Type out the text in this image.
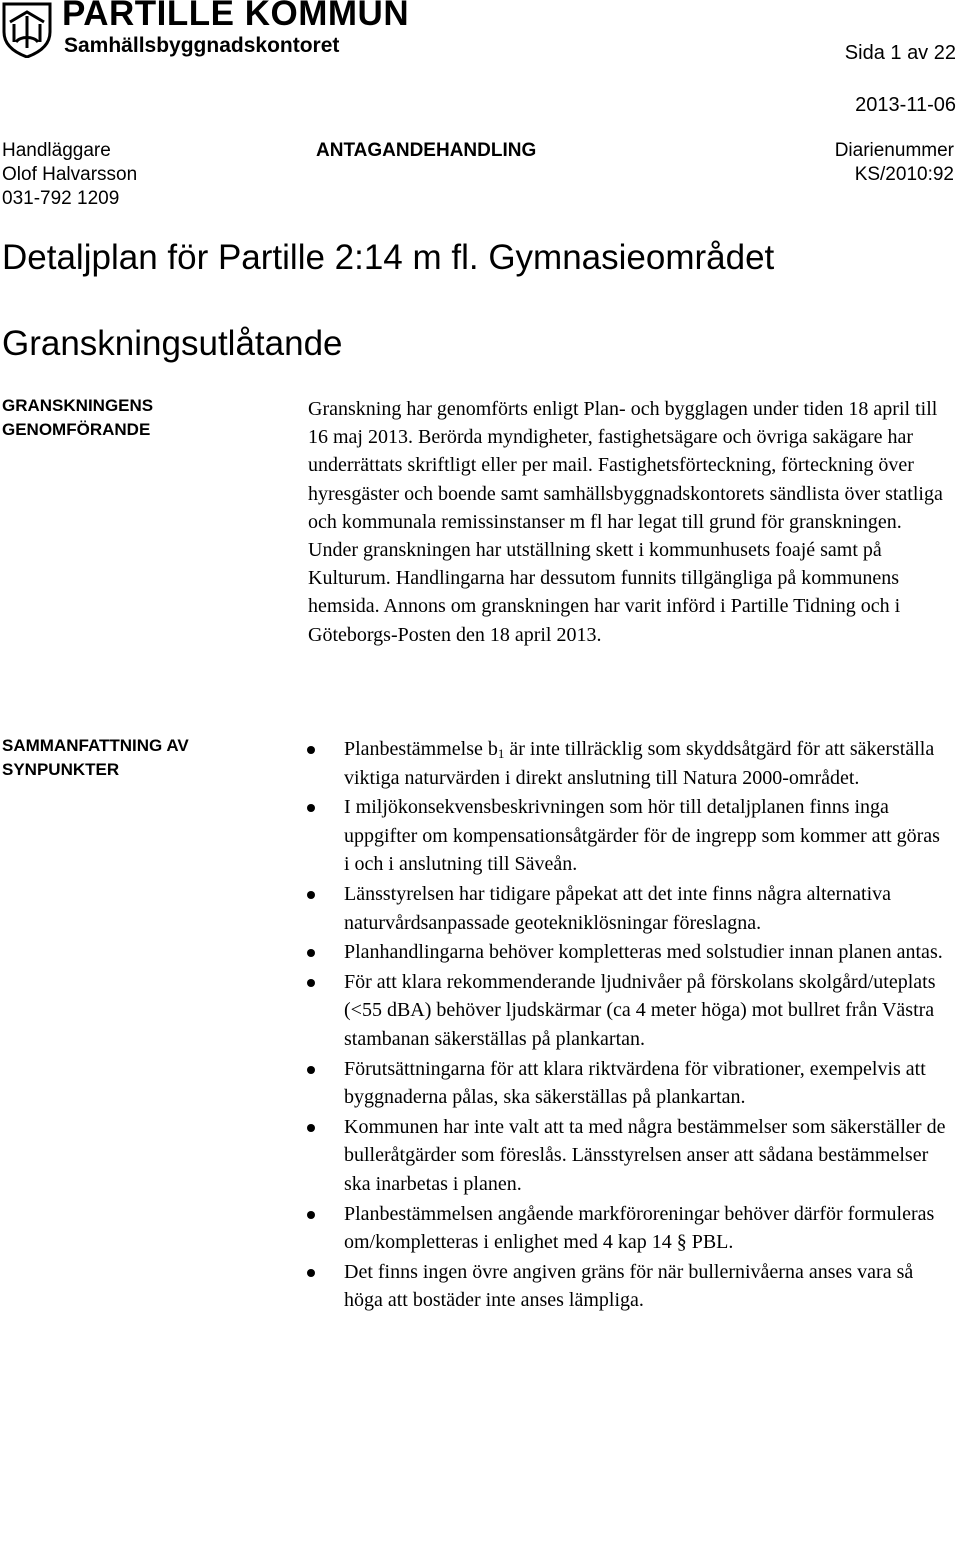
PARTILLE KOMMUN
Samhällsbyggnadskontoret	Sida 1 av 22
2013-11-06
Handläggare
Olof Halvarsson
031-792 1209
ANTAGANDEHANDLING	Diarienummer
KS/2010:92
Detaljplan för Partille 2:14 m fl. Gymnasieområdet
Granskningsutlåtande
GRANSKNINGENS
GENOMFÖRANDE

Granskning har genomförts enligt Plan- och bygglagen under tiden 18 april till 16 maj 2013. Berörda myndigheter, fastighetsägare och övriga sakägare har underrättats skriftligt eller per mail. Fastighetsförteckning, förteckning över hyresgäster och boende samt samhällsbyggnadskontorets sändlista över statliga och kommunala remissinstanser m fl har legat till grund för granskningen. Under granskningen har utställning skett i kommunhusets foajé samt på Kulturum. Handlingarna har dessutom funnits tillgängliga på kommunens hemsida. Annons om granskningen har varit införd i Partille Tidning och i Göteborgs-Posten den 18 april 2013.

SAMMANFATTNING AV
SYNPUNKTER
Planbestämmelse $b_1$ är inte tillräcklig som skyddsåtgärd för att säkerställa viktiga naturvärden i direkt anslutning till Natura 2000-området.
I miljökonsekvensbeskrivningen som hör till detaljplanen finns inga uppgifter om kompensationsåtgärder för de ingrepp som kommer att göras i och i anslutning till Säveån.
Länsstyrelsen har tidigare påpekat att det inte finns några alternativa naturvårdsanpassade geotekniklösningar föreslagna.
Planhandlingarna behöver kompletteras med solstudier innan planen antas.
För att klara rekommenderande ljudnivåer på förskolans skolgård/uteplats (<55 dBA) behöver ljudskärmar (ca 4 meter höga) mot bullret från Västra stambanan säkerställas på plankartan.
Förutsättningarna för att klara riktvärdena för vibrationer, exempelvis att byggnaderna pålas, ska säkerställas på plankartan.
Kommunen har inte valt att ta med några bestämmelser som säkerställer de bulleråtgärder som föreslås. Länsstyrelsen anser att sådana bestämmelser ska inarbetas i planen.
Planbestämmelsen angående markföroreningar behöver därför formuleras om/kompletteras i enlighet med 4 kap 14 § PBL.
Det finns ingen övre angiven gräns för när bullernivåerna anses vara så höga att bostäder inte anses lämpliga.
